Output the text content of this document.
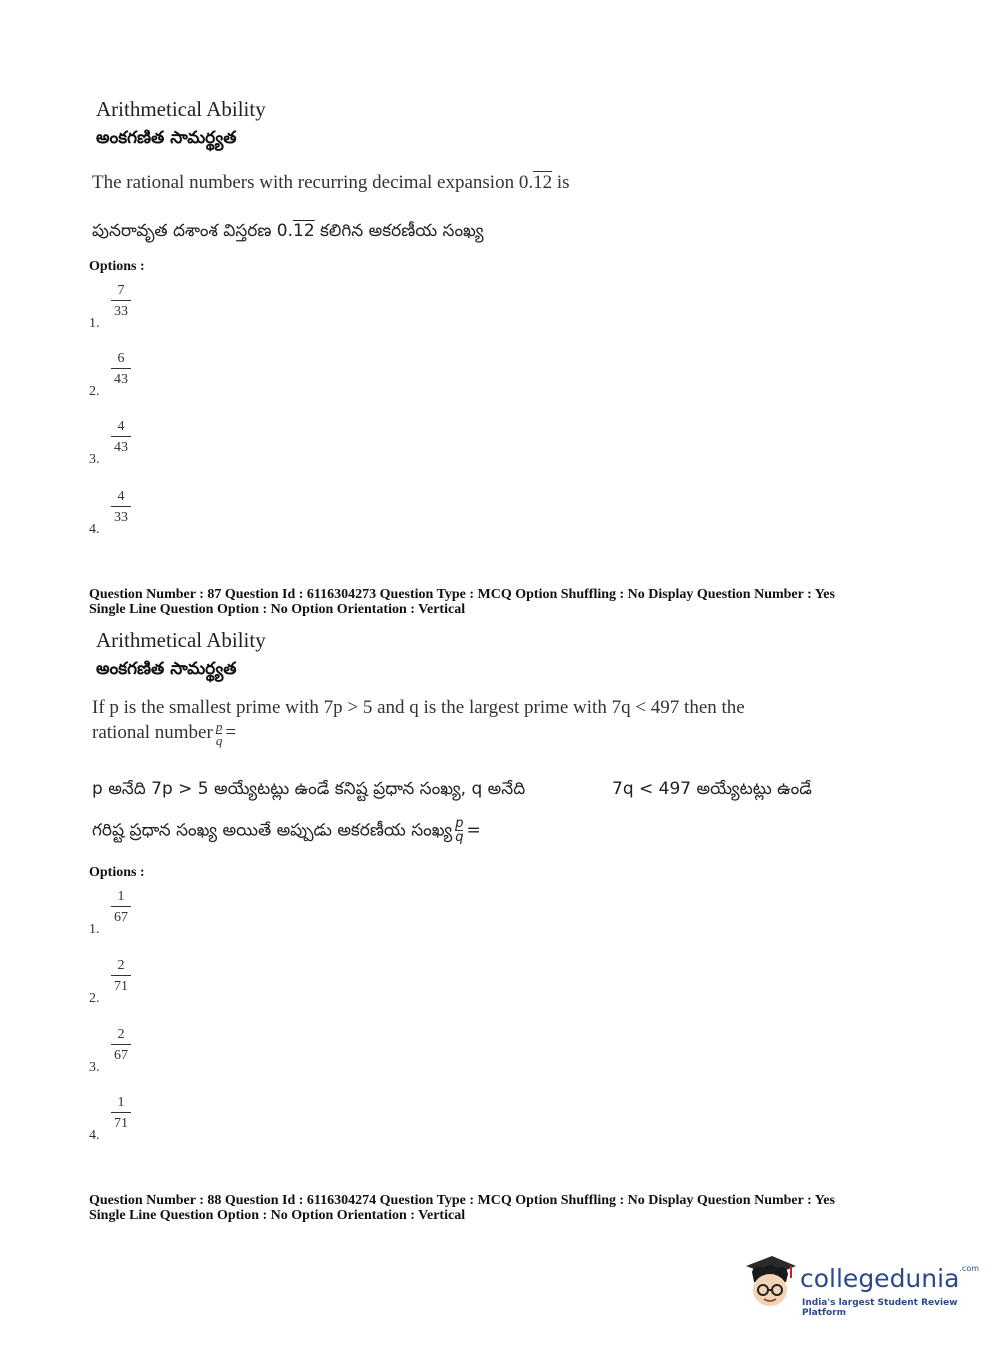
Arithmetical Ability
అంకగణిత సామర్థ్యత
The rational numbers with recurring decimal expansion 0.12 is
పునరావృత దశాంశ విస్తరణ 0.12 కలిగిన అకరణీయ సంఖ్య
Options :
1.
7
33
2.
6
43
3.
4
43
4.
4
33
Question Number : 87 Question Id : 6116304273 Question Type : MCQ Option Shuffling : No Display Question Number : Yes
Single Line Question Option : No Option Orientation : Vertical
Arithmetical Ability
అంకగణిత సామర్థ్యత
If p is the smallest prime with 7p > 5 and q is the largest prime with 7q < 497 then the
rational number $\frac{p}{q}$ =
p అనేది 7p > 5 అయ్యేటట్లు ఉండే కనిష్ట ప్రధాన సంఖ్య, q అనేది	7q < 497 అయ్యేటట్లు ఉండే
గరిష్ట ప్రధాన సంఖ్య అయితే అప్పుడు అకరణీయ సంఖ్య $\frac{p}{q}$ =
Options :
1.
1
67
2.
2
71
3.
2
67
4.
1
71
Question Number : 88 Question Id : 6116304274 Question Type : MCQ Option Shuffling : No Display Question Number : Yes
Single Line Question Option : No Option Orientation : Vertical
collegedunia$^{.com}$
India's largest Student Review Platform
